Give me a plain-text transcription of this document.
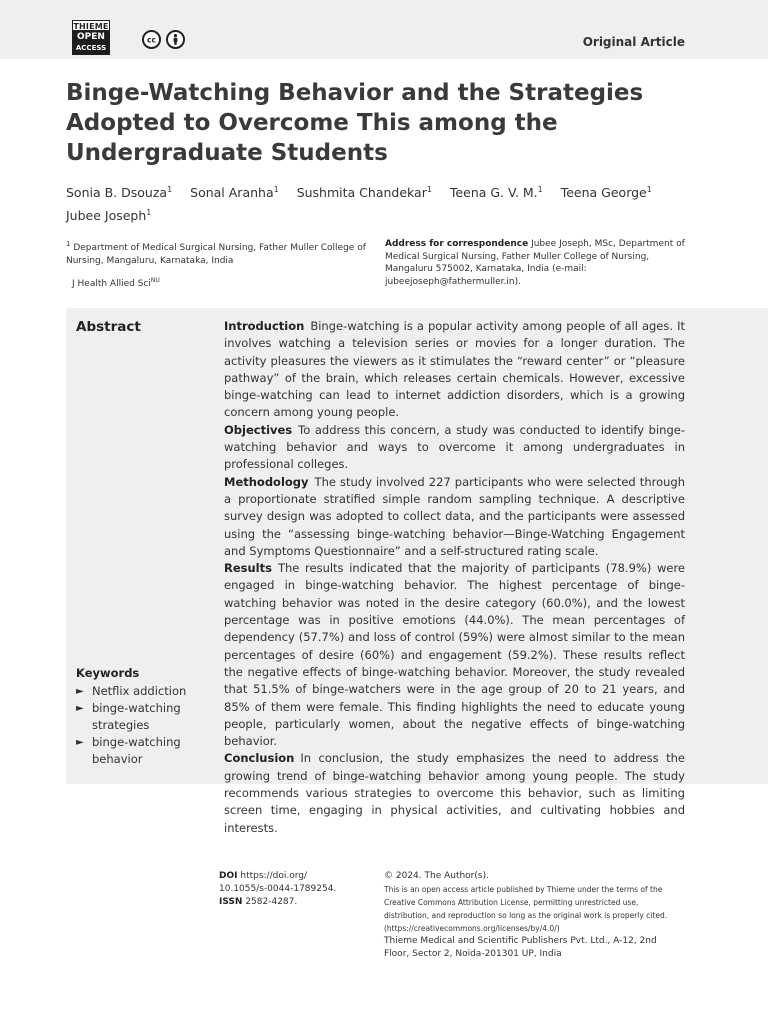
THIEME
OPEN
ACCESS
cc	Original Article
Binge-Watching Behavior and the Strategies
Adopted to Overcome This among the
Undergraduate Students
Sonia B. Dsouza$^1$ Sonal Aranha$^1$ Sushmita Chandekar$^1$ Teena G. V. M.$^1$ Teena George$^1$
Jubee Joseph$^1$
$^1$ Department of Medical Surgical Nursing, Father Muller College of Nursing, Mangaluru, Karnataka, India
J Health Allied Sci$^{NU}$
Address for correspondence Jubee Joseph, MSc, Department of Medical Surgical Nursing, Father Muller College of Nursing, Mangaluru 575002, Karnataka, India (e-mail: jubeejoseph@fathermuller.in).
Abstract	Introduction Binge-watching is a popular activity among people of all ages. It involves watching a television series or movies for a longer duration. The activity pleasures the viewers as it stimulates the “reward center” or “pleasure pathway” of the brain, which releases certain chemicals. However, excessive binge-watching can lead to internet addiction disorders, which is a growing concern among young people.

Objectives To address this concern, a study was conducted to identify binge-watching behavior and ways to overcome it among undergraduates in professional colleges.

Methodology The study involved 227 participants who were selected through a proportionate stratified simple random sampling technique. A descriptive survey design was adopted to collect data, and the participants were assessed using the “assessing binge-watching behavior—Binge-Watching Engagement and Symptoms Questionnaire” and a self-structured rating scale.

Results The results indicated that the majority of participants (78.9%) were engaged in binge-watching behavior. The highest percentage of binge-watching behavior was noted in the desire category (60.0%), and the lowest percentage was in positive emotions (44.0%). The mean percentages of dependency (57.7%) and loss of control (59%) were almost similar to the mean percentages of desire (60%) and engagement (59.2%). These results reflect the negative effects of binge-watching behavior. Moreover, the study revealed that 51.5% of binge-watchers were in the age group of 20 to 21 years, and 85% of them were female. This finding highlights the need to educate young people, particularly women, about the negative effects of binge-watching behavior.

Conclusion In conclusion, the study emphasizes the need to address the growing trend of binge-watching behavior among young people. The study recommends various strategies to overcome this behavior, such as limiting screen time, engaging in physical activities, and cultivating hobbies and interests.

Keywords
► Netflix addiction
► binge-watching strategies
► binge-watching behavior
DOI https://doi.org/ 10.1055/s-0044-1789254.
ISSN 2582-4287.
© 2024. The Author(s).
This is an open access article published by Thieme under the terms of the Creative Commons Attribution License, permitting unrestricted use, distribution, and reproduction so long as the original work is properly cited. (https://creativecommons.org/licenses/by/4.0/)
Thieme Medical and Scientific Publishers Pvt. Ltd., A-12, 2nd Floor, Sector 2, Noida-201301 UP, India
